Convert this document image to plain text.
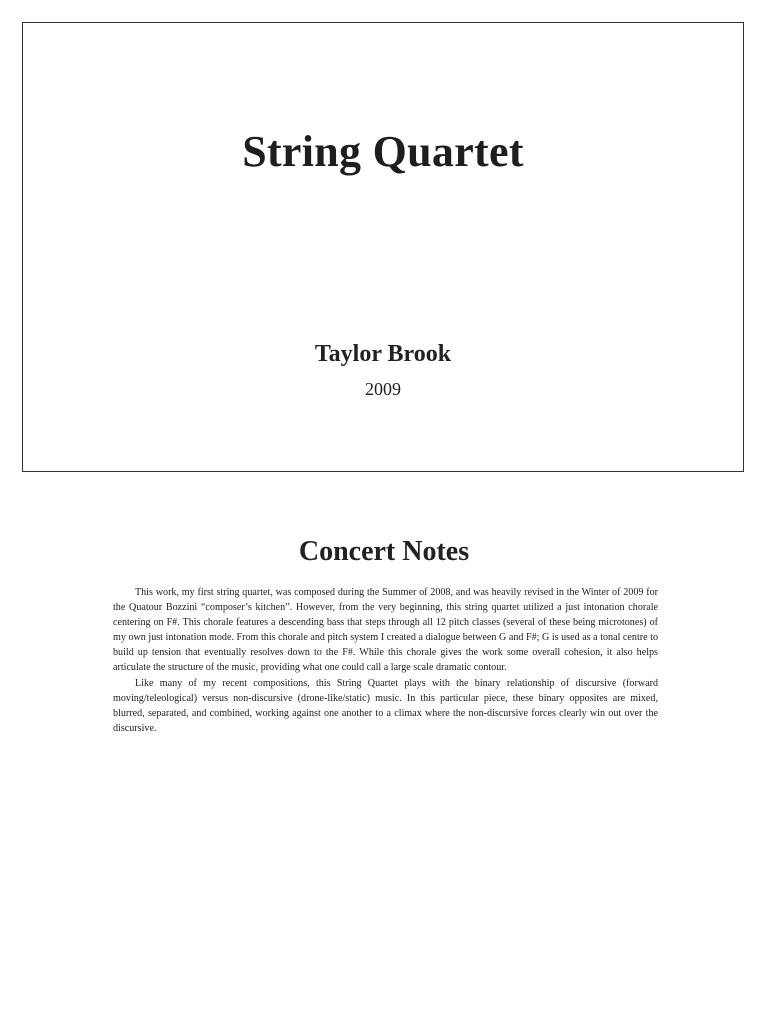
String Quartet
Taylor Brook
2009
Concert Notes

This work, my first string quartet, was composed during the Summer of 2008, and was heavily revised in the Winter of 2009 for the Quatour Bozzini “composer’s kitchen”. However, from the very beginning, this string quartet utilized a just intonation chorale centering on F#. This chorale features a descending bass that steps through all 12 pitch classes (several of these being microtones) of my own just intonation mode. From this chorale and pitch system I created a dialogue between G and F#; G is used as a tonal centre to build up tension that eventually resolves down to the F#. While this chorale gives the work some overall cohesion, it also helps articulate the structure of the music, providing what one could call a large scale dramatic contour.

Like many of my recent compositions, this String Quartet plays with the binary relationship of discursive (forward moving/teleological) versus non-discursive (drone-like/static) music. In this particular piece, these binary opposites are mixed, blurred, separated, and combined, working against one another to a climax where the non-discursive forces clearly win out over the discursive.
